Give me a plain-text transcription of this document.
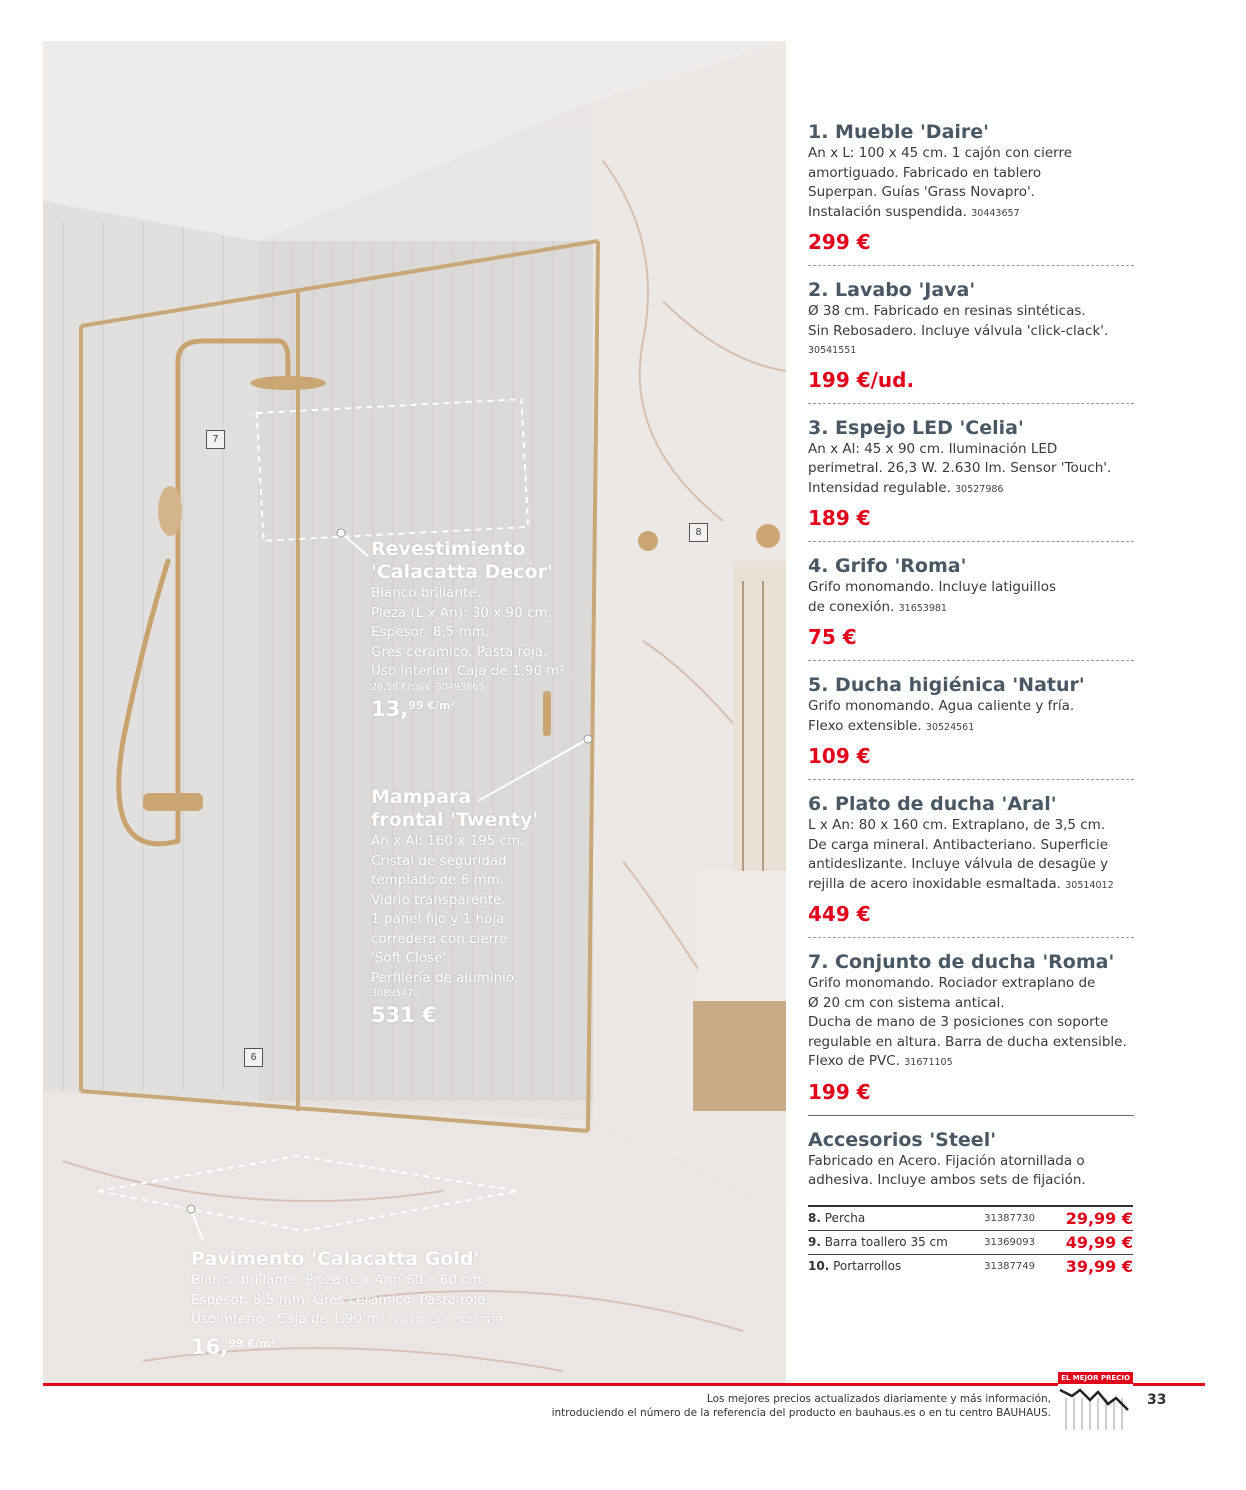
7
8
6
Revestimiento
'Calacatta Decor'
Blanco brillante.
Pieza (L x An): 30 x 90 cm.
Espesor: 8,5 mm.
Gres cerámico. Pasta roja.
Uso interior. Caja de 1,90 m².
26,58 €/caja. 30493865
13,$^{99 €/m^2}$
Mampara
frontal 'Twenty'
An x Al: 160 x 195 cm.
Cristal de seguridad
templado de 6 mm.
Vidrio transparente.
1 panel fijo y 1 hoja
corredera con cierre
'Soft Close'.
Perfilería de aluminio.
30895470
531 €
Pavimento 'Calacatta Gold'
Blanco brillante. Pieza (L x An): 60 x 60 cm.
Espesor: 8,5 mm. Gres cerámico. Pasta roja.
Uso interior. Caja de 1,90 m². 24,47€/caja. 30557798
16,$^{99 €/m^2}$
1. Mueble 'Daire'
An x L: 100 x 45 cm. 1 cajón con cierre
amortiguado. Fabricado en tablero
Superpan. Guías 'Grass Novapro'.
Instalación suspendida. 30443657
299 €
2. Lavabo 'Java'
Ø 38 cm. Fabricado en resinas sintéticas.
Sin Rebosadero. Incluye válvula 'click-clack'.
30541551
199 €/ud.
3. Espejo LED 'Celia'
An x Al: 45 x 90 cm. Iluminación LED
perimetral. 26,3 W. 2.630 lm. Sensor 'Touch'.
Intensidad regulable. 30527986
189 €
4. Grifo 'Roma'
Grifo monomando. Incluye latiguillos
de conexión. 31653981
75 €
5. Ducha higiénica 'Natur'
Grifo monomando. Agua caliente y fría.
Flexo extensible. 30524561
109 €
6. Plato de ducha 'Aral'
L x An: 80 x 160 cm. Extraplano, de 3,5 cm.
De carga mineral. Antibacteriano. Superficie
antideslizante. Incluye válvula de desagüe y
rejilla de acero inoxidable esmaltada. 30514012
449 €
7. Conjunto de ducha 'Roma'
Grifo monomando. Rociador extraplano de
Ø 20 cm con sistema antical.
Ducha de mano de 3 posiciones con soporte
regulable en altura. Barra de ducha extensible.
Flexo de PVC. 31671105
199 €
Accesorios 'Steel'
Fabricado en Acero. Fijación atornillada o
adhesiva. Incluye ambos sets de fijación.
8. Percha	31387730	29,99 €
9. Barra toallero 35 cm	31369093	49,99 €
10. Portarrollos	31387749	39,99 €
Los mejores precios actualizados diariamente y más información,
introduciendo el número de la referencia del producto en bauhaus.es o en tu centro BAUHAUS.
EL MEJOR PRECIO
33
